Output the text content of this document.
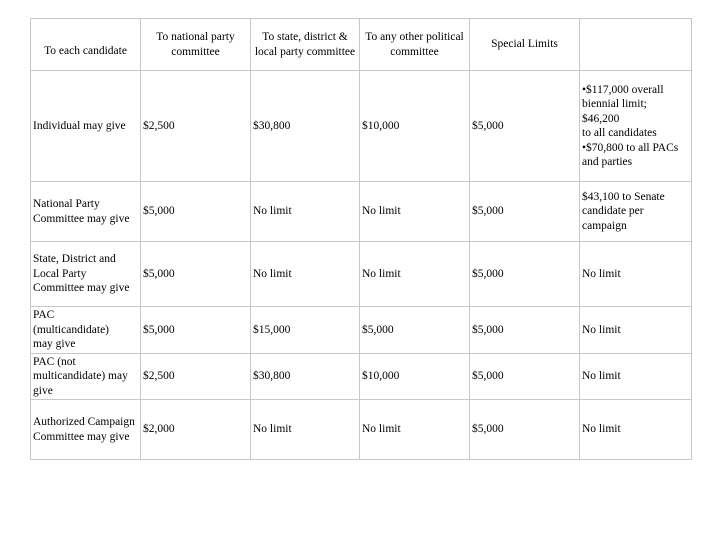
To each candidate	To national party committee	To state, district & local party committee	To any other political committee	Special Limits	

Individual may give	$2,500	$30,800	$10,000	$5,000	•$117,000 overall biennial limit;
$46,200
to all candidates
•$70,800 to all PACs and parties

National Party Committee may give	$5,000	No limit	No limit	$5,000	$43,100 to Senate candidate per campaign

State, District and Local Party Committee may give	$5,000	No limit	No limit	$5,000	No limit

PAC
(multicandidate)
may give	$5,000	$15,000	$5,000	$5,000	No limit

PAC (not multicandidate) may give	$2,500	$30,800	$10,000	$5,000	No limit

Authorized Campaign Committee may give	$2,000	No limit	No limit	$5,000	No limit
